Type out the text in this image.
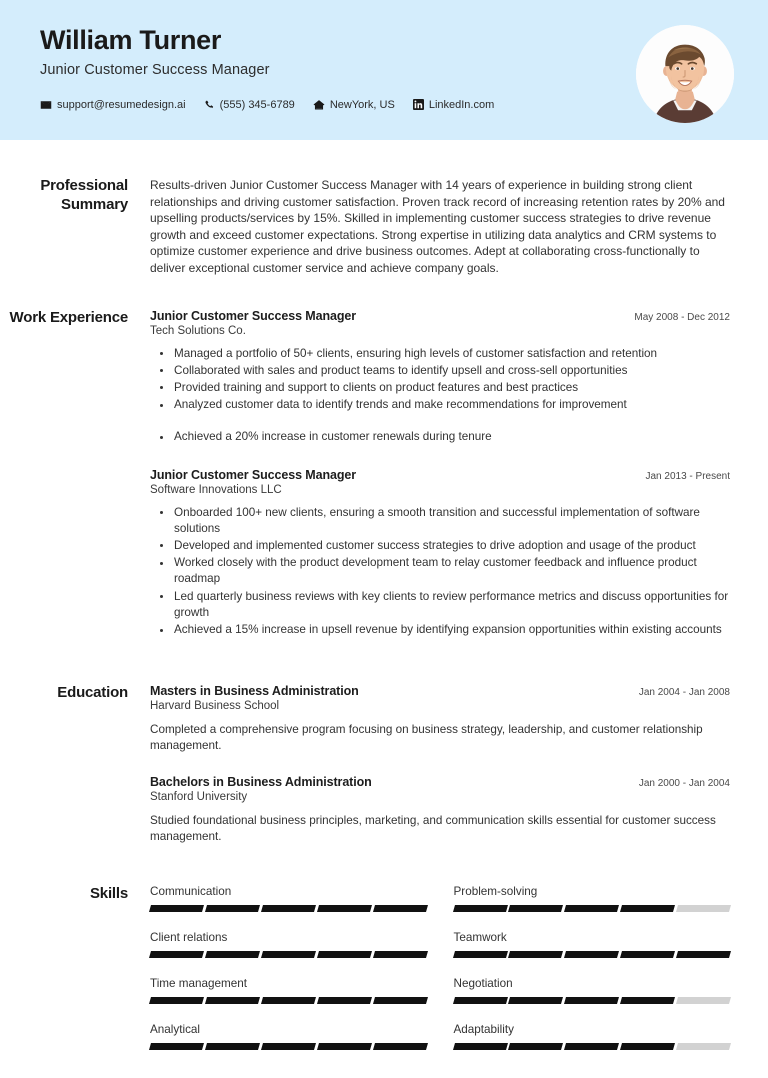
William Turner
Junior Customer Success Manager
support@resumedesign.ai	(555) 345-6789	NewYork, US	LinkedIn.com
Professional Summary

Results-driven Junior Customer Success Manager with 14 years of experience in building strong client relationships and driving customer satisfaction. Proven track record of increasing retention rates by 20% and upselling products/services by 15%. Skilled in implementing customer success strategies to drive revenue growth and exceed customer expectations. Strong expertise in utilizing data analytics and CRM systems to optimize customer experience and drive business outcomes. Adept at collaborating cross-functionally to deliver exceptional customer service and achieve company goals.

Work Experience	Junior Customer Success Manager	May 2008 - Dec 2012
Tech Solutions Co.
Managed a portfolio of 50+ clients, ensuring high levels of customer satisfaction and retention
Collaborated with sales and product teams to identify upsell and cross-sell opportunities
Provided training and support to clients on product features and best practices
Analyzed customer data to identify trends and make recommendations for improvement
Achieved a 20% increase in customer renewals during tenure
Junior Customer Success Manager	Jan 2013 - Present
Software Innovations LLC
Onboarded 100+ new clients, ensuring a smooth transition and successful implementation of software solutions
Developed and implemented customer success strategies to drive adoption and usage of the product
Worked closely with the product development team to relay customer feedback and influence product roadmap
Led quarterly business reviews with key clients to review performance metrics and discuss opportunities for growth
Achieved a 15% increase in upsell revenue by identifying expansion opportunities within existing accounts
Education	Masters in Business Administration	Jan 2004 - Jan 2008
Harvard Business School

Completed a comprehensive program focusing on business strategy, leadership, and customer relationship management.

Bachelors in Business Administration	Jan 2000 - Jan 2004
Stanford University

Studied foundational business principles, marketing, and communication skills essential for customer success management.

Skills	Communication	Problem-solving
Client relations	Teamwork
Time management	Negotiation
Analytical	Adaptability
